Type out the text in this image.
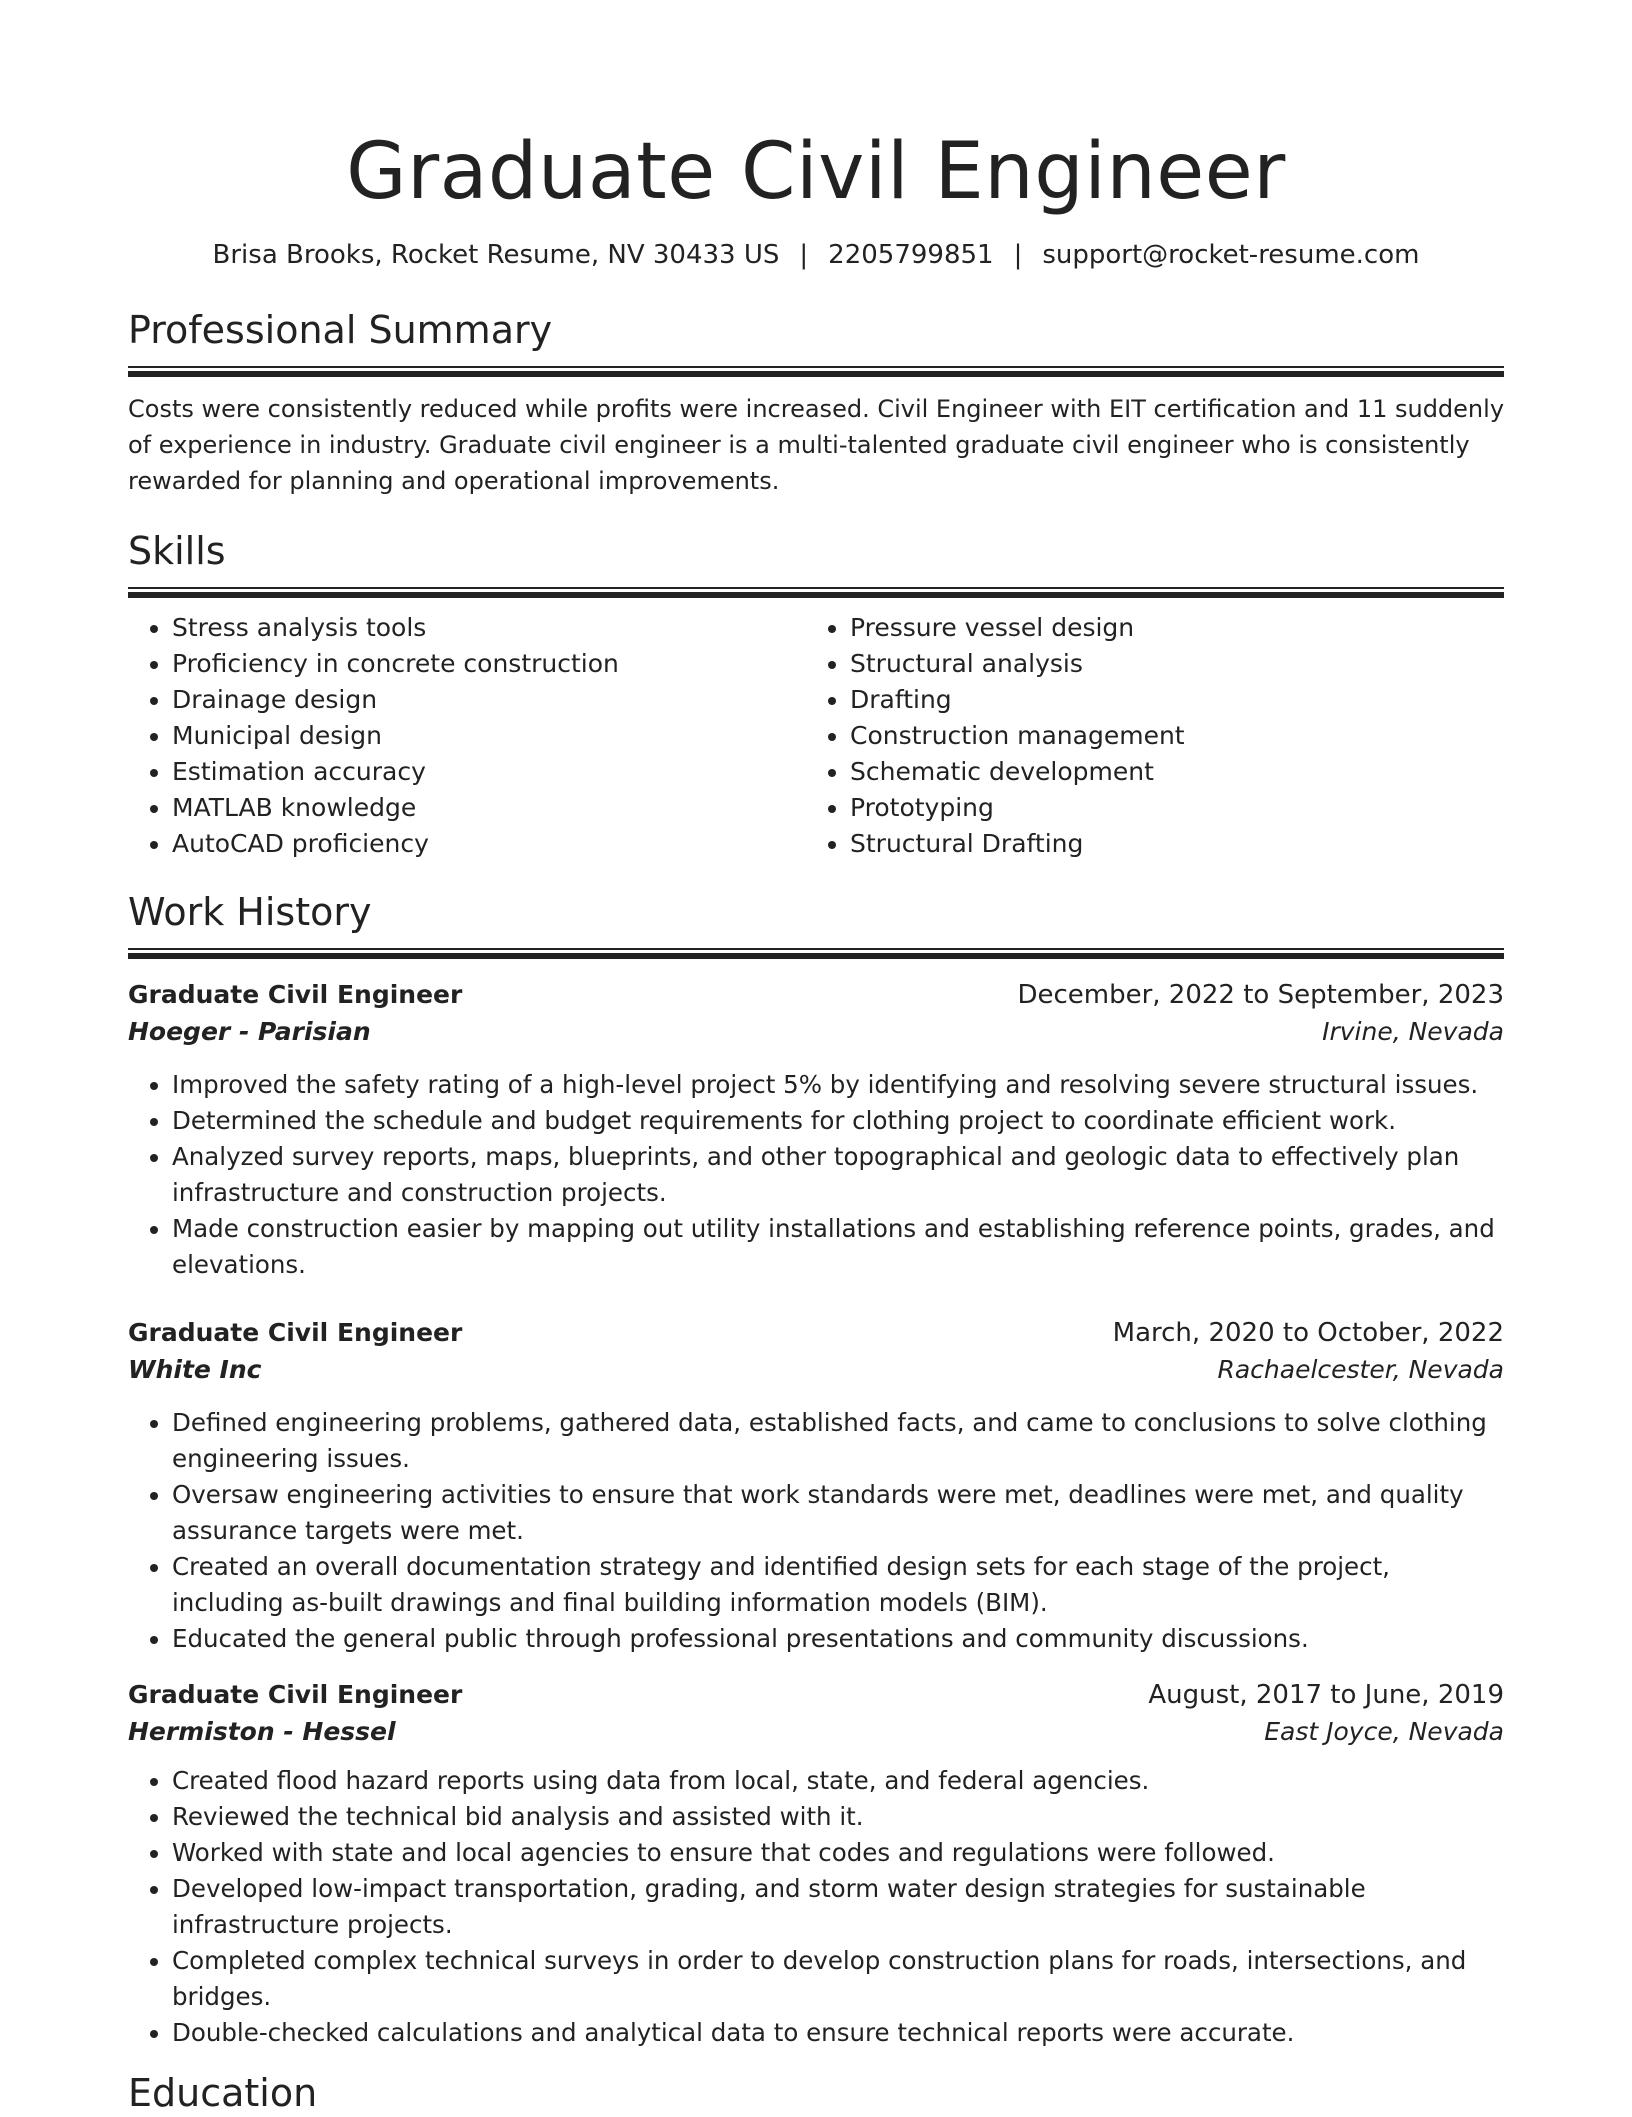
Graduate Civil Engineer
Brisa Brooks, Rocket Resume, NV 30433 US | 2205799851 | support@rocket-resume.com
Professional Summary

Costs were consistently reduced while profits were increased. Civil Engineer with EIT certification and 11 suddenly of experience in industry. Graduate civil engineer is a multi-talented graduate civil engineer who is consistently rewarded for planning and operational improvements.

Skills
• Stress analysis tools
• Proficiency in concrete construction
• Drainage design
• Municipal design
• Estimation accuracy
• MATLAB knowledge
• AutoCAD proficiency
• Pressure vessel design
• Structural analysis
• Drafting
• Construction management
• Schematic development
• Prototyping
• Structural Drafting
Work History
Graduate Civil Engineer	December, 2022 to September, 2023
Hoeger - Parisian	Irvine, Nevada
• Improved the safety rating of a high-level project 5% by identifying and resolving severe structural issues.
• Determined the schedule and budget requirements for clothing project to coordinate efficient work.
• Analyzed survey reports, maps, blueprints, and other topographical and geologic data to effectively plan infrastructure and construction projects.
• Made construction easier by mapping out utility installations and establishing reference points, grades, and elevations.
Graduate Civil Engineer	March, 2020 to October, 2022
White Inc	Rachaelcester, Nevada
• Defined engineering problems, gathered data, established facts, and came to conclusions to solve clothing engineering issues.
• Oversaw engineering activities to ensure that work standards were met, deadlines were met, and quality assurance targets were met.
• Created an overall documentation strategy and identified design sets for each stage of the project, including as-built drawings and final building information models (BIM).
• Educated the general public through professional presentations and community discussions.
Graduate Civil Engineer	August, 2017 to June, 2019
Hermiston - Hessel	East Joyce, Nevada
• Created flood hazard reports using data from local, state, and federal agencies.
• Reviewed the technical bid analysis and assisted with it.
• Worked with state and local agencies to ensure that codes and regulations were followed.
• Developed low-impact transportation, grading, and storm water design strategies for sustainable infrastructure projects.
• Completed complex technical surveys in order to develop construction plans for roads, intersections, and bridges.
• Double-checked calculations and analytical data to ensure technical reports were accurate.
Education
